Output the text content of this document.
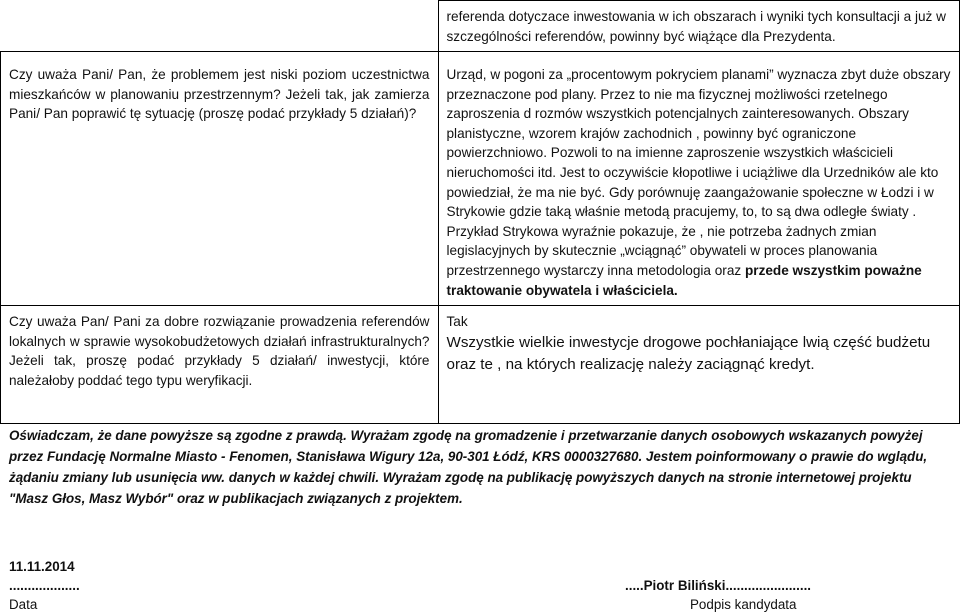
	referenda dotyczace inwestowania w ich obszarach i wyniki tych konsultacji a już w szczególności referendów, powinny być wiążące dla Prezydenta.
Czy uważa Pani/ Pan, że problemem jest niski poziom uczestnictwa mieszkańców w planowaniu przestrzennym? Jeżeli tak, jak zamierza Pani/ Pan poprawić tę sytuację (proszę podać przykłady 5 działań)?	Urząd, w pogoni za „procentowym pokryciem planami” wyznacza zbyt duże obszary przeznaczone pod plany. Przez to nie ma fizycznej możliwości rzetelnego zaproszenia d rozmów wszystkich potencjalnych zainteresowanych. Obszary planistyczne, wzorem krajów zachodnich , powinny być ograniczone powierzchniowo. Pozwoli to na imienne zaproszenie wszystkich właścicieli nieruchomości itd. Jest to oczywiście kłopotliwe i uciążliwe dla Urzedników ale kto powiedział, że ma nie być. Gdy porównuję zaangażowanie społeczne w Łodzi i w Strykowie gdzie taką właśnie metodą pracujemy, to, to są dwa odległe światy . Przykład Strykowa wyraźnie pokazuje, że , nie potrzeba żadnych zmian legislacyjnych by skutecznie „wciągnąć” obywateli w proces planowania przestrzennego wystarczy inna metodologia oraz przede wszystkim poważne traktowanie obywatela i właściciela.
Czy uważa Pan/ Pani za dobre rozwiązanie prowadzenia referendów lokalnych w sprawie wysokobudżetowych działań infrastrukturalnych? Jeżeli tak, proszę podać przykłady 5 działań/ inwestycji, które należałoby poddać tego typu weryfikacji.	Tak
Wszystkie wielkie inwestycje drogowe pochłaniające lwią część budżetu oraz te , na których realizację należy zaciągnąć kredyt.
Oświadczam, że dane powyższe są zgodne z prawdą. Wyrażam zgodę na gromadzenie i przetwarzanie danych osobowych wskazanych powyżej przez Fundację Normalne Miasto - Fenomen, Stanisława Wigury 12a, 90-301 Łódź, KRS 0000327680. Jestem poinformowany o prawie do wglądu, żądaniu zmiany lub usunięcia ww. danych w każdej chwili. Wyrażam zgodę na publikację powyższych danych na stronie internetowej projektu "Masz Głos, Masz Wybór" oraz w publikacjach związanych z projektem.
11.11.2014
...................
Data
.....Piotr Biliński.......................
Podpis kandydata
